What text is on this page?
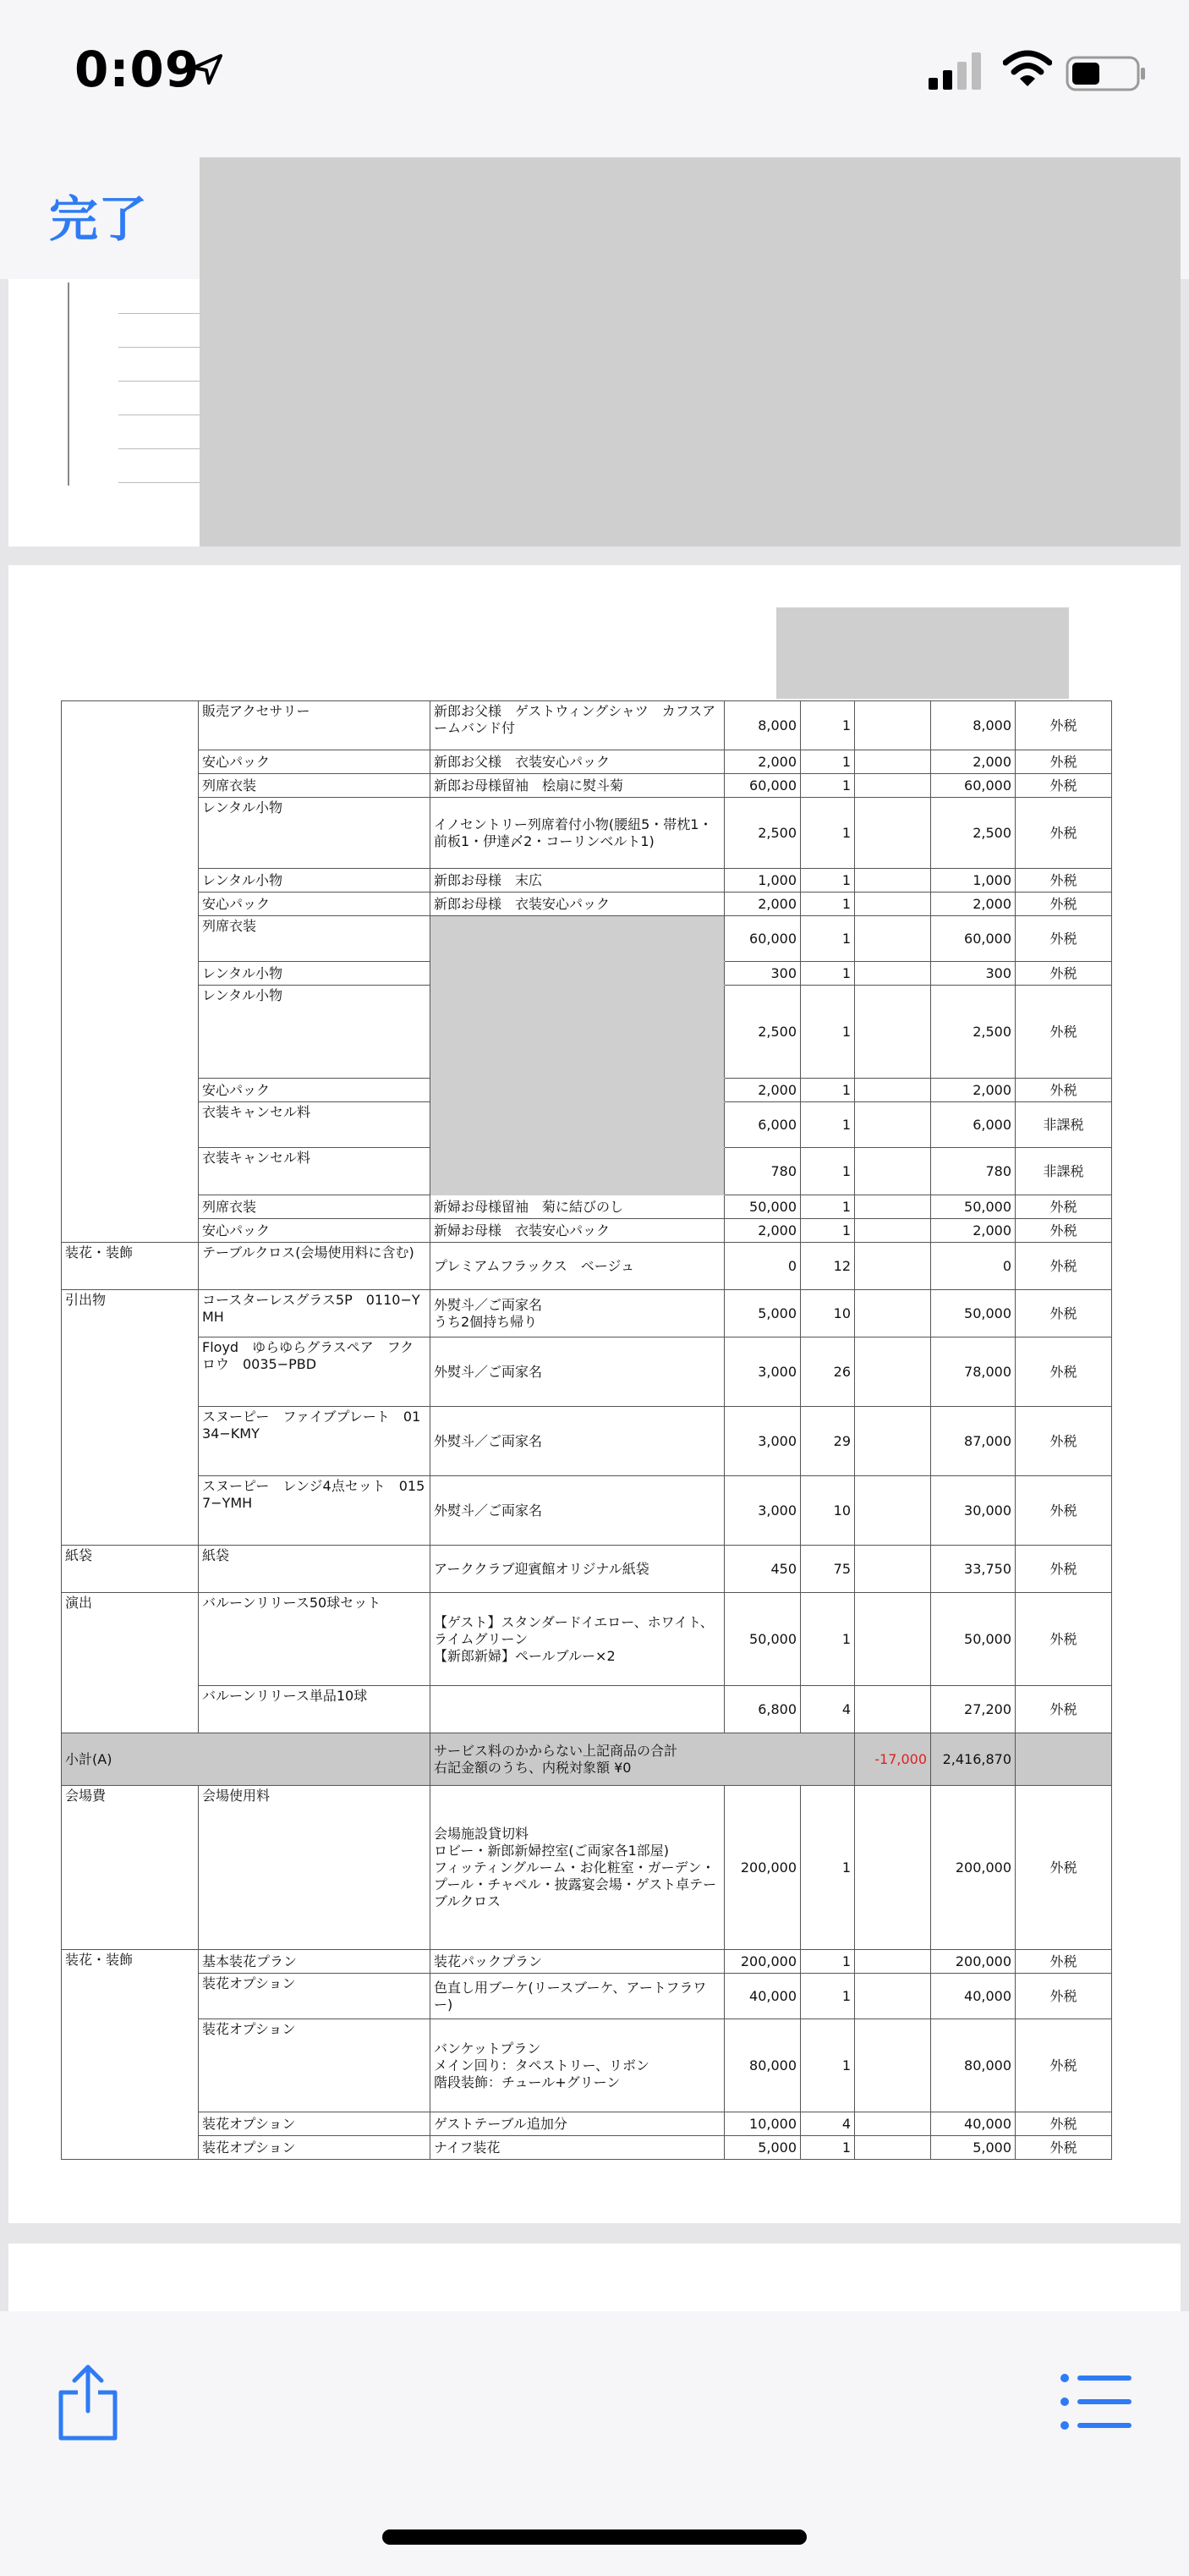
0:09
完了
	販売アクセサリー	新郎お父様　ゲストウィングシャツ　カフスアームバンド付	8,000	1		8,000	外税
	安心パック	新郎お父様　衣装安心パック	2,000	1		2,000	外税
	列席衣装	新郎お母様留袖　桧扇に熨斗菊	60,000	1		60,000	外税
	レンタル小物	イノセントリー列席着付小物(腰紐5・帯枕1・前板1・伊達〆2・コーリンベルト1)	2,500	1		2,500	外税
	レンタル小物	新郎お母様　末広	1,000	1		1,000	外税
	安心パック	新郎お母様　衣装安心パック	2,000	1		2,000	外税
	列席衣装		60,000	1		60,000	外税
	レンタル小物		300	1		300	外税
	レンタル小物		2,500	1		2,500	外税
	安心パック		2,000	1		2,000	外税
	衣装キャンセル料		6,000	1		6,000	非課税
	衣装キャンセル料		780	1		780	非課税
	列席衣装	新婦お母様留袖　菊に結びのし	50,000	1		50,000	外税
	安心パック	新婦お母様　衣装安心パック	2,000	1		2,000	外税
装花・装飾	テーブルクロス(会場使用料に含む)	プレミアムフラックス　ベージュ	0	12		0	外税
引出物	コースターレスグラス5P　0110−YMH	外熨斗／ご両家名
うち2個持ち帰り	5,000	10		50,000	外税
	Floyd　ゆらゆらグラスペア　フクロウ　0035−PBD	外熨斗／ご両家名	3,000	26		78,000	外税
	スヌーピー　ファイブプレート　0134−KMY	外熨斗／ご両家名	3,000	29		87,000	外税
	スヌーピー　レンジ4点セット　0157−YMH	外熨斗／ご両家名	3,000	10		30,000	外税
紙袋	紙袋	アーククラブ迎賓館オリジナル紙袋	450	75		33,750	外税
演出	バルーンリリース50球セット	【ゲスト】スタンダードイエロー、ホワイト、ライムグリーン
【新郎新婦】ペールブルー×2	50,000	1		50,000	外税
	バルーンリリース単品10球		6,800	4		27,200	外税
小計(A)		サービス料のかからない上記商品の合計
右記金額のうち、内税対象額 ¥0			-17,000	2,416,870	
会場費	会場使用料	会場施設貸切料
ロビー・新郎新婦控室(ご両家各1部屋)
フィッティングルーム・お化粧室・ガーデン・プール・チャペル・披露宴会場・ゲスト卓テーブルクロス	200,000	1		200,000	外税
装花・装飾	基本装花プラン	装花パックプラン	200,000	1		200,000	外税
	装花オプション	色直し用ブーケ(リースブーケ、アートフラワー)	40,000	1		40,000	外税
	装花オプション	バンケットプラン
メイン回り：タペストリー、リボン
階段装飾：チュール+グリーン	80,000	1		80,000	外税
	装花オプション	ゲストテーブル追加分	10,000	4		40,000	外税
	装花オプション	ナイフ装花	5,000	1		5,000	外税
